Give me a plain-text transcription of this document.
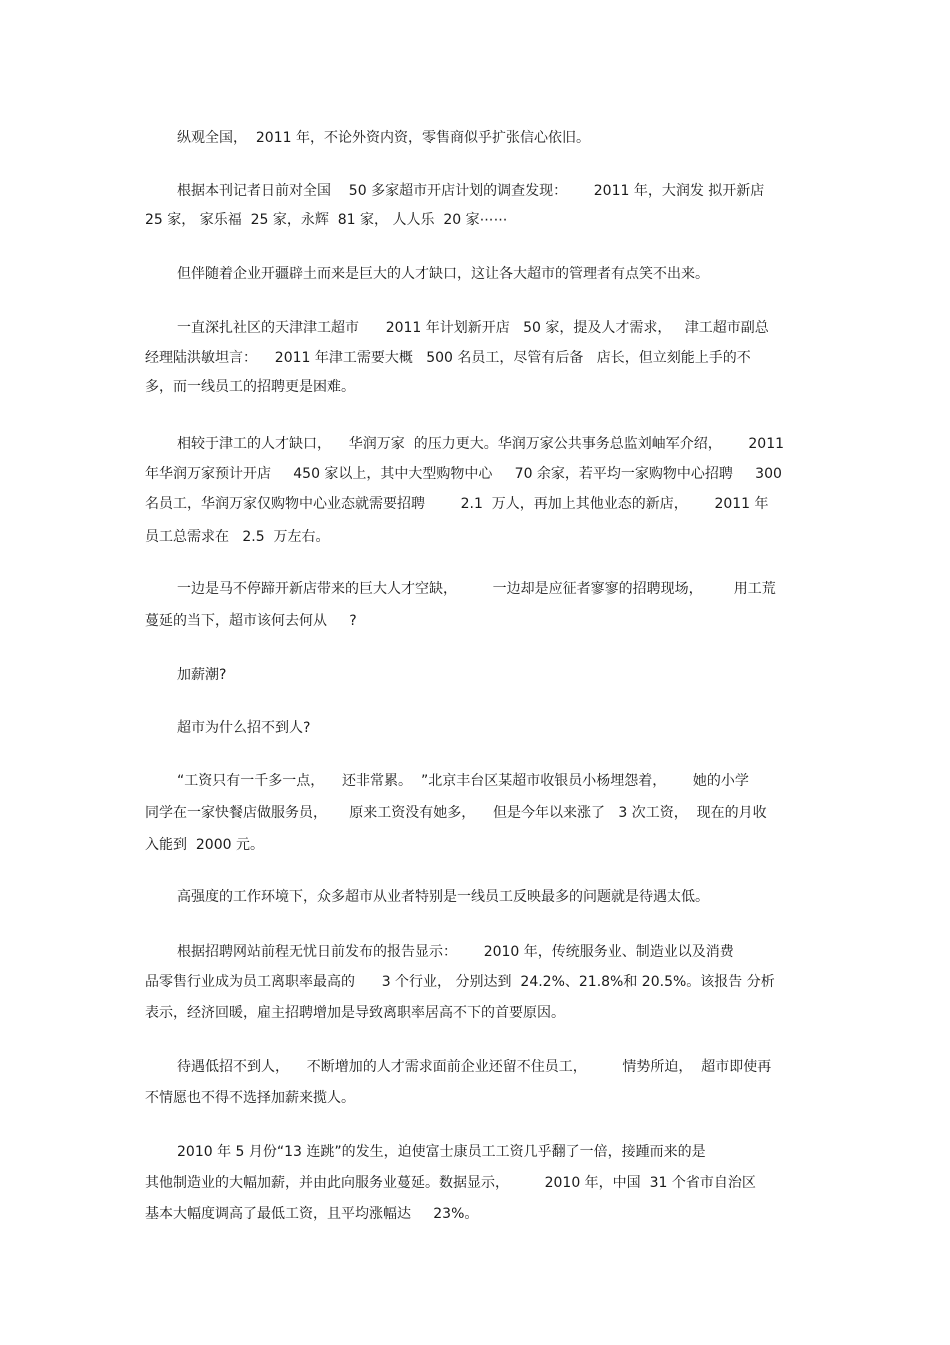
纵观全国，  2011 年，不论外资内资，零售商似乎扩张信心依旧。

根据本刊记者日前对全国    50 多家超市开店计划的调查发现：      2011 年，大润发 拟开新店

25 家， 家乐福  25 家，永辉  81 家， 人人乐  20 家⋯⋯

但伴随着企业开疆辟土而来是巨大的人才缺口，这让各大超市的管理者有点笑不出来。

一直深扎社区的天津津工超市      2011 年计划新开店   50 家，提及人才需求，   津工超市副总

经理陆洪敏坦言：    2011 年津工需要大概   500 名员工，尽管有后备   店长，但立刻能上手的不

多，而一线员工的招聘更是困难。

相较于津工的人才缺口，    华润万家  的压力更大。华润万家公共事务总监刘岫军介绍，      2011

年华润万家预计开店     450 家以上，其中大型购物中心     70 余家，若平均一家购物中心招聘     300

名员工，华润万家仅购物中心业态就需要招聘        2.1  万人，再加上其他业态的新店，      2011 年

员工总需求在   2.5  万左右。

一边是马不停蹄开新店带来的巨大人才空缺，        一边却是应征者寥寥的招聘现场，       用工荒

蔓延的当下，超市该何去何从     ?

加薪潮?

超市为什么招不到人?

“工资只有一千多一点，    还非常累。  ”北京丰台区某超市收银员小杨埋怨着，      她的小学

同学在一家快餐店做服务员，     原来工资没有她多，    但是今年以来涨了   3 次工资，  现在的月收

入能到  2000 元。

高强度的工作环境下，众多超市从业者特别是一线员工反映最多的问题就是待遇太低。

根据招聘网站前程无忧日前发布的报告显示：      2010 年，传统服务业、制造业以及消费

品零售行业成为员工离职率最高的      3 个行业， 分别达到  24.2%、21.8%和 20.5%。该报告 分析

表示，经济回暖，雇主招聘增加是导致离职率居高不下的首要原因。

待遇低招不到人，    不断增加的人才需求面前企业还留不住员工，        情势所迫，  超市即使再

不情愿也不得不选择加薪来揽人。

2010 年 5 月份“13 连跳”的发生，迫使富士康员工工资几乎翻了一倍，接踵而来的是

其他制造业的大幅加薪，并由此向服务业蔓延。数据显示，        2010 年，中国  31 个省市自治区

基本大幅度调高了最低工资，且平均涨幅达     23%。
